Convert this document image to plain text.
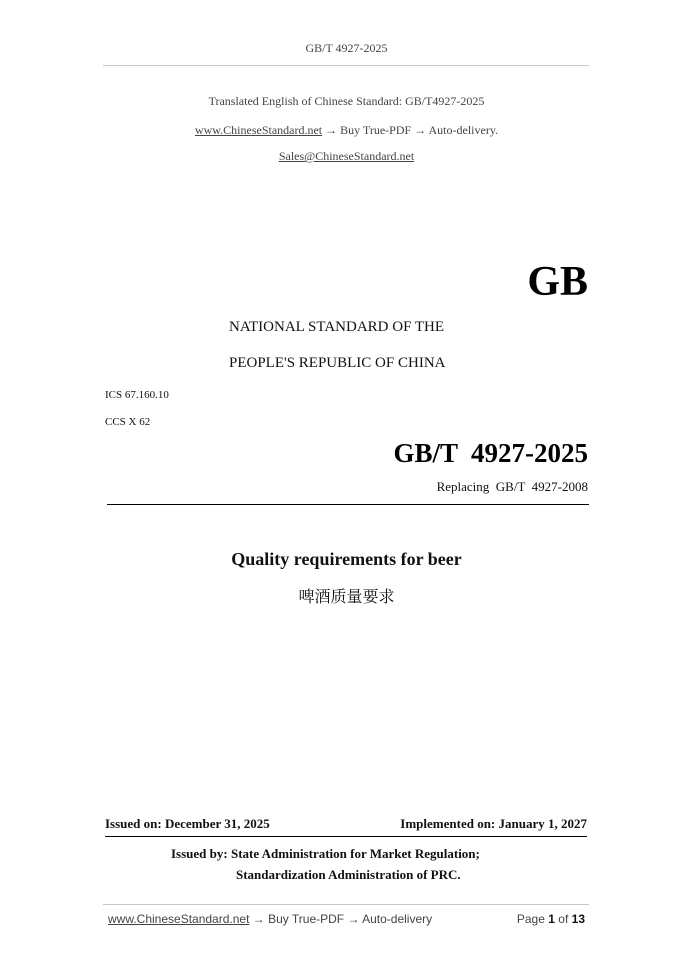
GB/T 4927-2025
Translated English of Chinese Standard: GB/T4927-2025
www.ChineseStandard.net → Buy True-PDF → Auto-delivery.
Sales@ChineseStandard.net
GB
NATIONAL STANDARD OF THE
PEOPLE'S REPUBLIC OF CHINA
ICS 67.160.10
CCS X 62
GB/T  4927-2025
Replacing  GB/T  4927-2008
Quality requirements for beer
啤酒质量要求
Issued on: December 31, 2025	Implemented on: January 1, 2027
Issued by: State Administration for Market Regulation;
Standardization Administration of PRC.
www.ChineseStandard.net → Buy True-PDF → Auto-delivery	Page 1 of 13
